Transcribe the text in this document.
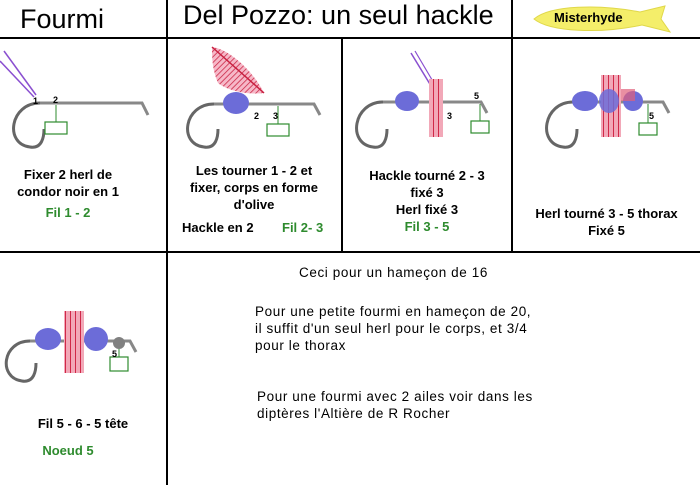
Fourmi	Del Pozzo: un seul hackle	Misterhyde
1 2
Fixer 2 herl de
condor noir en 1
Fil 1 - 2
2 3
Les tourner 1 - 2 et
fixer, corps en forme
d'olive
Hackle en 2 Fil 2- 3
5
3
Hackle tourné 2 - 3
fixé 3
Herl fixé 3
Fil 3 - 5
5
Herl tourné 3 - 5 thorax
Fixé 5
5
Fil 5 - 6 - 5 tête
Noeud 5
Ceci pour un hameçon de 16
Pour une petite fourmi en hameçon de 20,
il suffit d'un seul herl pour le corps, et 3/4
pour le thorax
Pour une fourmi avec 2 ailes voir dans les
diptères l'Altière de R Rocher
